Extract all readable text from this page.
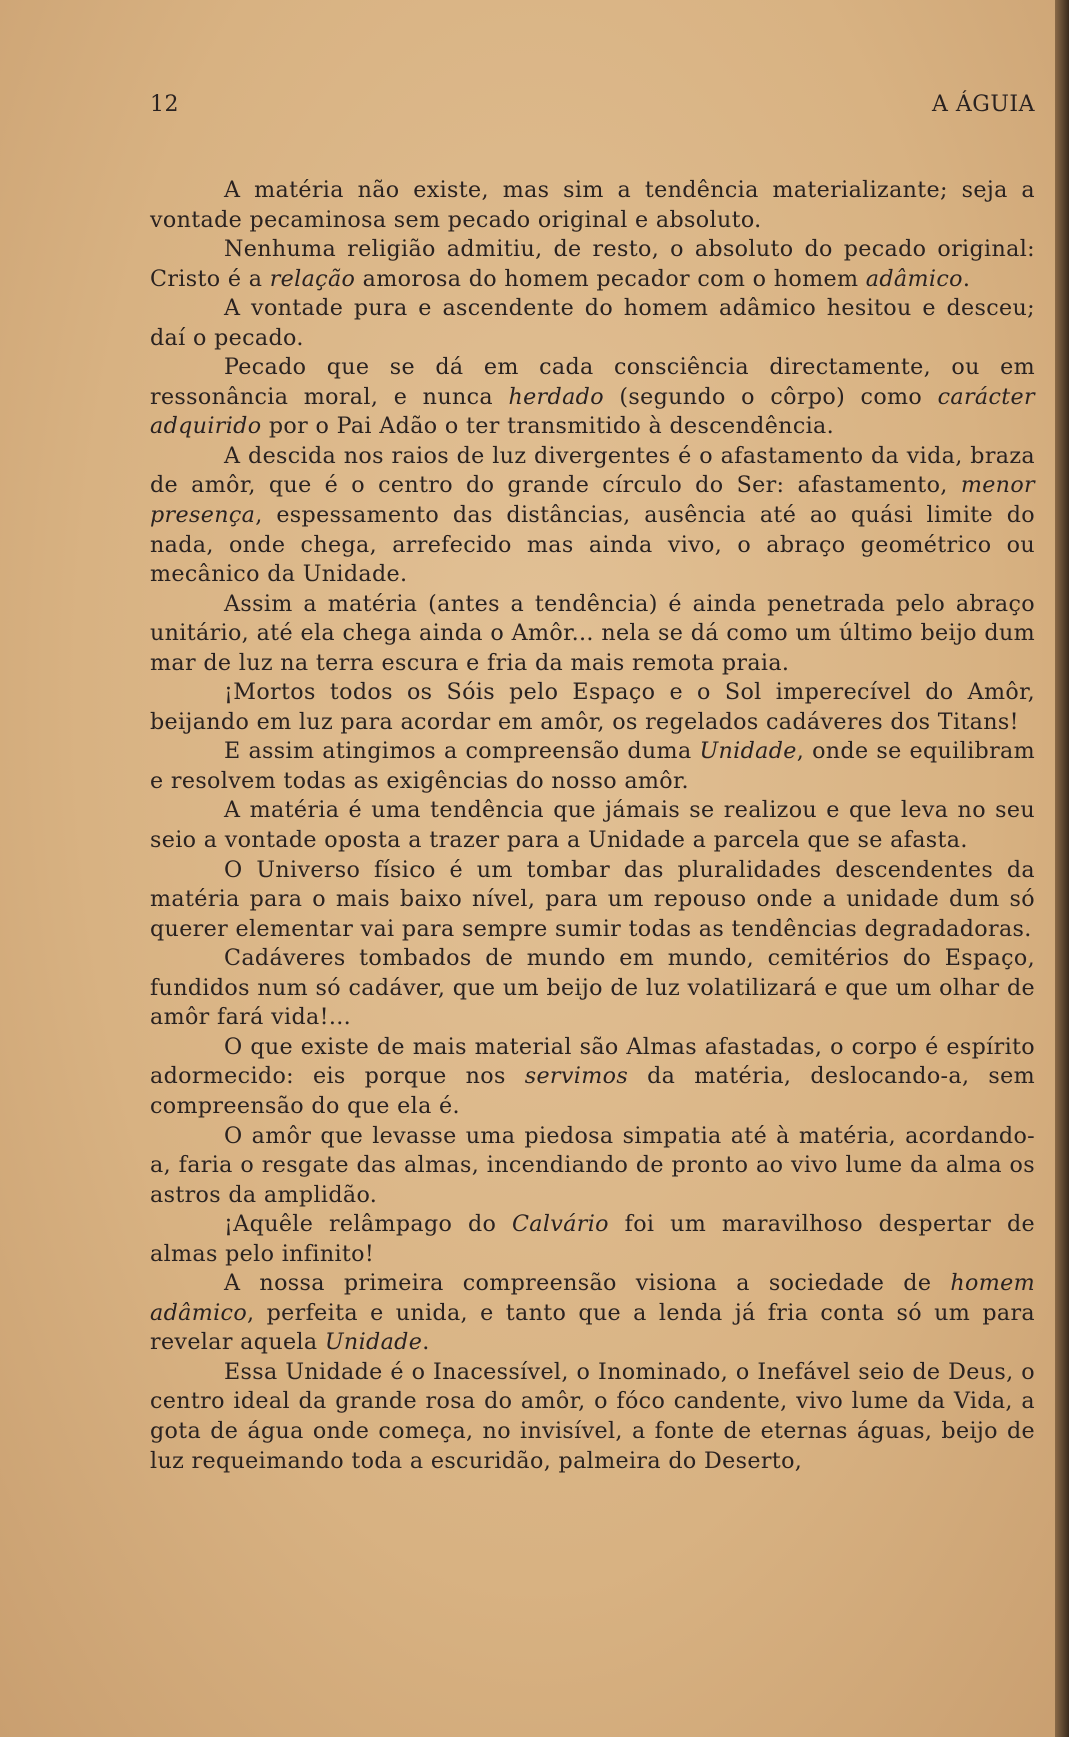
12	A ÁGUIA

A matéria não existe, mas sim a tendência materializante; seja a vontade pecaminosa sem pecado original e absoluto.

Nenhuma religião admitiu, de resto, o absoluto do pecado original: Cristo é a relação amorosa do homem pecador com o homem adâmico.

A vontade pura e ascendente do homem adâmico hesitou e desceu; daí o pecado.

Pecado que se dá em cada consciência directamente, ou em ressonância moral, e nunca herdado (segundo o côrpo) como carácter adquirido por o Pai Adão o ter transmitido à descendência.

A descida nos raios de luz divergentes é o afastamento da vida, braza de amôr, que é o centro do grande círculo do Ser: afastamento, menor presença, espessamento das distâncias, ausência até ao quási limite do nada, onde chega, arrefecido mas ainda vivo, o abraço geométrico ou mecânico da Unidade.

Assim a matéria (antes a tendência) é ainda penetrada pelo abraço unitário, até ela chega ainda o Amôr... nela se dá como um último beijo dum mar de luz na terra escura e fria da mais remota praia.

¡Mortos todos os Sóis pelo Espaço e o Sol imperecível do Amôr, beijando em luz para acordar em amôr, os regelados cadáveres dos Titans!

E assim atingimos a compreensão duma Unidade, onde se equilibram e resolvem todas as exigências do nosso amôr.

A matéria é uma tendência que jámais se realizou e que leva no seu seio a vontade oposta a trazer para a Unidade a parcela que se afasta.

O Universo físico é um tombar das pluralidades descendentes da matéria para o mais baixo nível, para um repouso onde a unidade dum só querer elementar vai para sempre sumir todas as tendências degradadoras.

Cadáveres tombados de mundo em mundo, cemitérios do Espaço, fundidos num só cadáver, que um beijo de luz volatilizará e que um olhar de amôr fará vida!...

O que existe de mais material são Almas afastadas, o corpo é espírito adormecido: eis porque nos servimos da matéria, deslocando-a, sem compreensão do que ela é.

O amôr que levasse uma piedosa simpatia até à matéria, acordando-a, faria o resgate das almas, incendiando de pronto ao vivo lume da alma os astros da amplidão.

¡Aquêle relâmpago do Calvário foi um maravilhoso despertar de almas pelo infinito!

A nossa primeira compreensão visiona a sociedade de homem adâmico, perfeita e unida, e tanto que a lenda já fria conta só um para revelar aquela Unidade.

Essa Unidade é o Inacessível, o Inominado, o Inefável seio de Deus, o centro ideal da grande rosa do amôr, o fóco candente, vivo lume da Vida, a gota de água onde começa, no invisível, a fonte de eternas águas, beijo de luz requeimando toda a escuridão, palmeira do Deserto,
